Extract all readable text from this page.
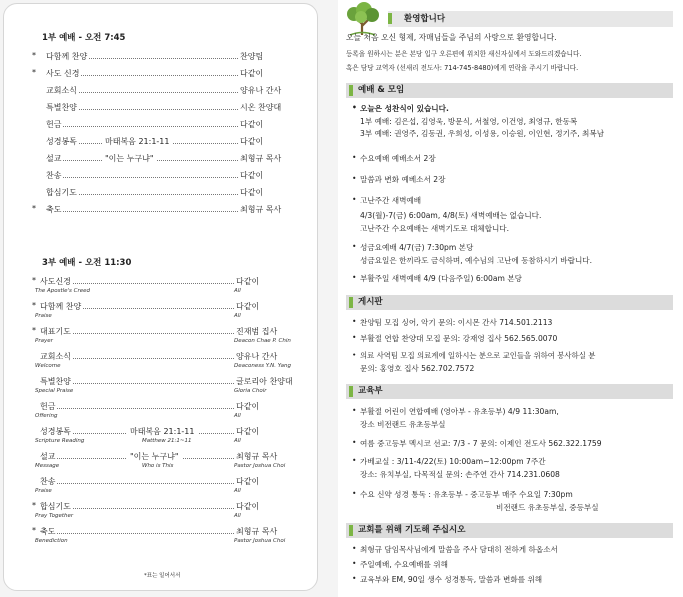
1부 예배 - 오전 7:45
* 다함께 찬양	찬양팀
* 사도 신경	다같이
교회소식	양유나 간사
특별찬양	시온 찬양대
헌금	다같이
성경봉독	마태복음 21:1-11	다같이
설교	"이는 누구냐"	최형규 목사
찬송	다같이
합심기도	다같이
* 축도	최형규 목사
3부 예배 - 오전 11:30
* 사도신경	다같이
The Apostle's Creed	All
* 다함께 찬양	다같이
Praise	All
* 대표기도	진재범 집사
Prayer	Deacon Chae P. Chin
교회소식	양유나 간사
Welcome	Deaconess Y.N. Yang
특별찬양	글로리아 찬양대
Special Praise	Gloria Choir
헌금	다같이
Offering	All
성경봉독	마태복음 21:1-11	다같이
Scripture Reading	Matthew 21:1~11	All
설교	"이는 누구냐"	최형규 목사
Message	Who is This	Pastor Joshua Choi
찬송	다같이
Praise	All
* 합심기도	다같이
Pray Together	All
* 축도	최형규 목사
Benediction	Pastor Joshua Choi
*표는 일어서서
환영합니다
오늘 처음 오신 형제, 자매님들을 주님의 사랑으로 환영합니다.
등록을 원하시는 분은 본당 입구 오른편에 위치한 새신자실에서 도와드리겠습니다.
혹은 담당 교역자 (선새리 전도사: 714-745-8480)에게 연락을 주시기 바랍니다.
예배 & 모임
• 오늘은 성찬식이 있습니다.
1부 예배: 김은섭, 김영욱, 방문식, 서철영, 이건영, 최영규, 한동복
3부 예배: 권영주, 김동권, 우희성, 이성용, 이승원, 이인현, 정기주, 최복남
• 수요예배 예배소서 2장
• 말씀과 변화 예베소서 2장
• 고난주간 새벽예배
4/3(월)-7(금) 6:00am, 4/8(토) 새벽예배는 없습니다.
고난주간 수요예배는 새벽기도로 대체합니다.
• 성금요예배 4/7(금) 7:30pm 본당
성금요일은 한끼라도 금식하며, 예수님의 고난에 동참하시기 바랍니다.
• 부활주일 새벽예배 4/9 (다음주일) 6:00am 본당
게시판
• 찬양팀 모집 싱어, 악기 문의: 이시몬 간사 714.501.2113
• 부활절 연합 찬양대 모집 문의: 강재영 집사 562.565.0070
• 의료 사역팀 모집 의료계에 일하시는 분으로 교인들을 위하여 봉사하실 분
문의: 홍영호 집사 562.702.7572
교육부
• 부활절 어린이 연합예배 (영아부 - 유초등부) 4/9 11:30am,
장소 비전랜드 유초등부실
• 여름 중고등부 멕시코 선교: 7/3 - 7 문의: 이제인 전도사 562.322.1759
• 가베교실 : 3/11-4/22(토) 10:00am~12:00pm 7주간
장소: 유치부실, 다목적실 문의: 손주연 간사 714.231.0608
• 수요 신약 성경 통독 : 유초등부 - 중고등부 매주 수요일 7:30pm
비전랜드 유초등부실, 중등부실
교회를 위해 기도해 주십시오
• 최형규 담임목사님에게 말씀을 주사 담대히 전하게 하옵소서
• 주일예배, 수요예배를 위해
• 교육부와 EM, 90일 생수 성경통독, 말씀과 변화를 위해
